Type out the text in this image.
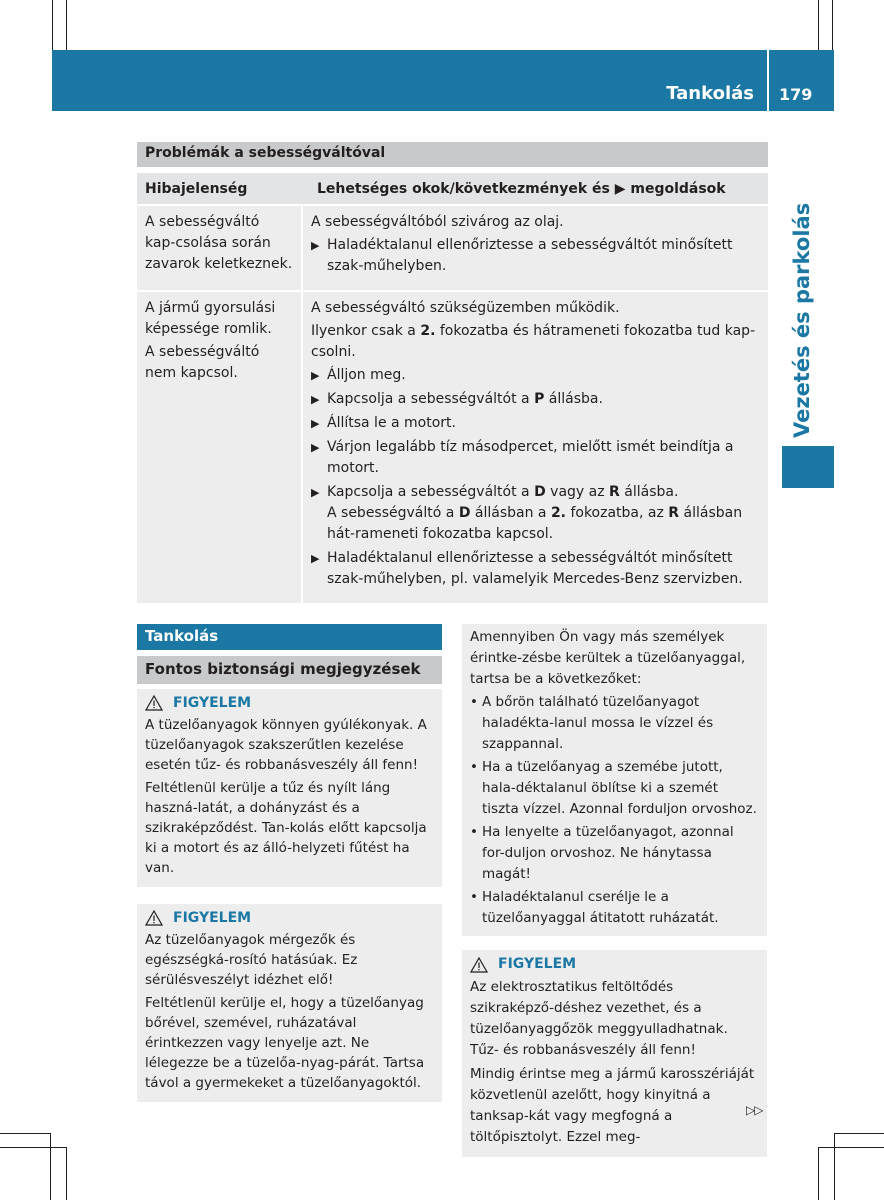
Tankolás 179
Vezetés és parkolás
Problémák a sebességváltóval
Hibajelenség	Lehetséges okok/következmények és ▶ megoldások

A sebességváltó kap-csolása során zavarok keletkeznek.

A sebességváltóból szivárog az olaj.

▶ Haladéktalanul ellenőriztesse a sebességváltót minősített szak-műhelyben.

A jármű gyorsulási képessége romlik.

A sebességváltó nem kapcsol.

A sebességváltó szükségüzemben működik.

Ilyenkor csak a 2. fokozatba és hátrameneti fokozatba tud kap-csolni.

▶ Álljon meg.
▶ Kapcsolja a sebességváltót a P állásba.
▶ Állítsa le a motort.
▶ Várjon legalább tíz másodpercet, mielőtt ismét beindítja a motort.
▶ Kapcsolja a sebességváltót a D vagy az R állásba.
A sebességváltó a D állásban a 2. fokozatba, az R állásban hát-rameneti fokozatba kapcsol.
▶ Haladéktalanul ellenőriztesse a sebességváltót minősített szak-műhelyben, pl. valamelyik Mercedes-Benz szervizben.
Tankolás
Fontos biztonsági megjegyzések
FIGYELEM

A tüzelőanyagok könnyen gyúlékonyak. A tüzelőanyagok szakszerűtlen kezelése esetén tűz- és robbanásveszély áll fenn!

Feltétlenül kerülje a tűz és nyílt láng haszná-latát, a dohányzást és a szikraképződést. Tan-kolás előtt kapcsolja ki a motort és az álló-helyzeti fűtést ha van.

FIGYELEM

Az tüzelőanyagok mérgezők és egészségká-rosító hatásúak. Ez sérülésveszélyt idézhet elő!

Feltétlenül kerülje el, hogy a tüzelőanyag bőrével, szemével, ruházatával érintkezzen vagy lenyelje azt. Ne lélegezze be a tüzelőa-nyag-párát. Tartsa távol a gyermekeket a tüzelőanyagoktól.

Amennyiben Ön vagy más személyek érintke-zésbe kerültek a tüzelőanyaggal, tartsa be a következőket:

• A bőrön található tüzelőanyagot haladékta-lanul mossa le vízzel és szappannal.
• Ha a tüzelőanyag a szemébe jutott, hala-déktalanul öblítse ki a szemét tiszta vízzel. Azonnal forduljon orvoshoz.
• Ha lenyelte a tüzelőanyagot, azonnal for-duljon orvoshoz. Ne hánytassa magát!
• Haladéktalanul cserélje le a tüzelőanyaggal átitatott ruházatát.
FIGYELEM

Az elektrosztatikus feltöltődés szikraképző-déshez vezethet, és a tüzelőanyaggőzök meggyulladhatnak. Tűz- és robbanásveszély áll fenn!

Mindig érintse meg a jármű karosszériáját közvetlenül azelőtt, hogy kinyitná a tanksap-kát vagy megfogná a töltőpisztolyt. Ezzel meg-

▷▷
